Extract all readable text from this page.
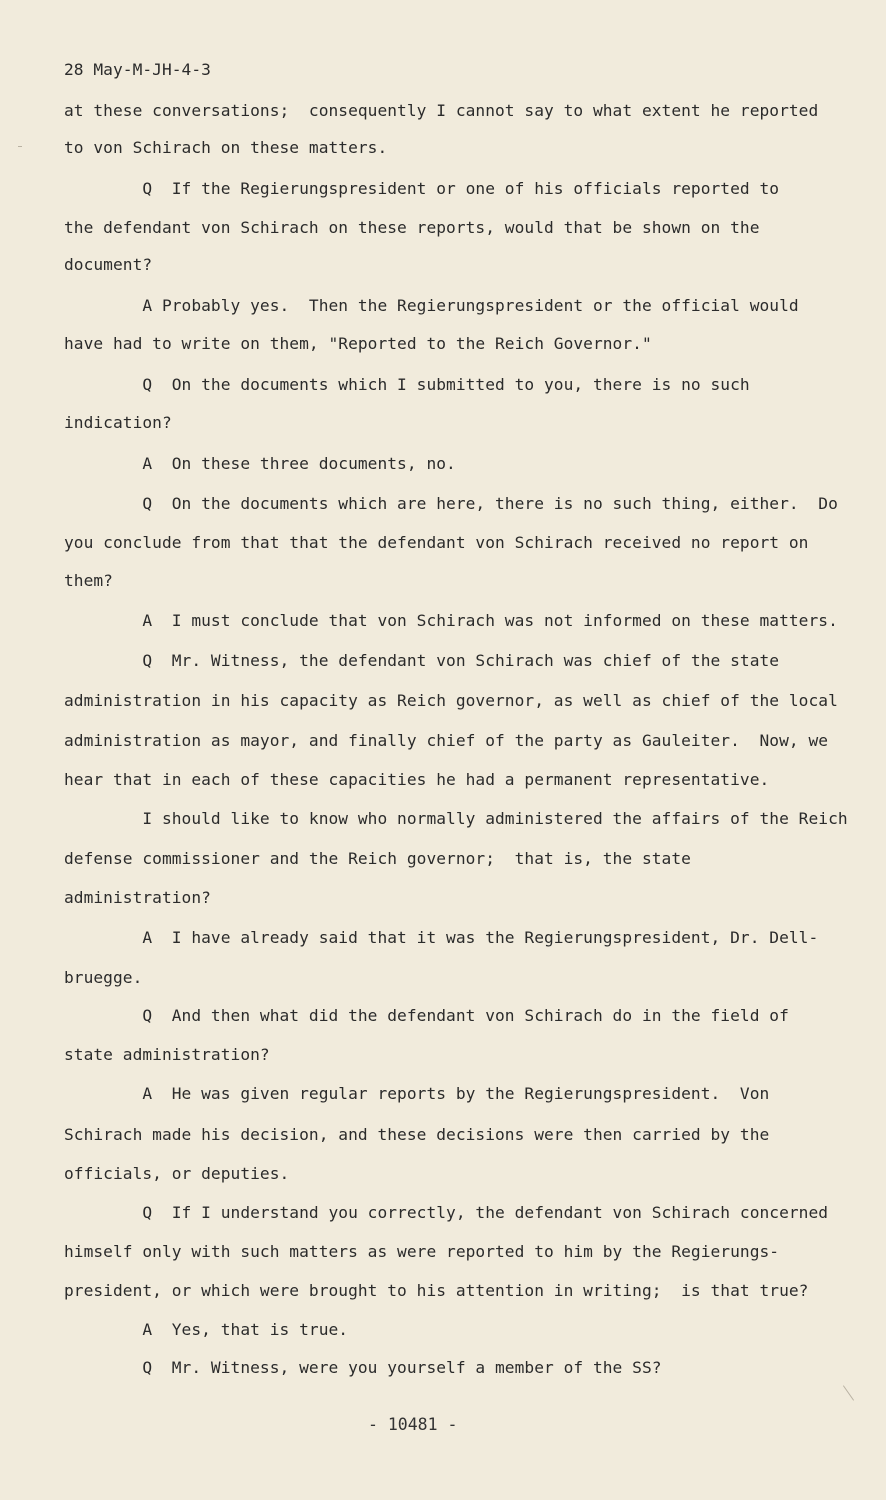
28 May-M-JH-4-3
at these conversations;  consequently I cannot say to what extent he reported
to von Schirach on these matters.
Q  If the Regierungspresident or one of his officials reported to
the defendant von Schirach on these reports, would that be shown on the
document?
A Probably yes.  Then the Regierungspresident or the official would
have had to write on them, "Reported to the Reich Governor."
Q  On the documents which I submitted to you, there is no such
indication?
A  On these three documents, no.
Q  On the documents which are here, there is no such thing, either.  Do
you conclude from that that the defendant von Schirach received no report on
them?
A  I must conclude that von Schirach was not informed on these matters.
Q  Mr. Witness, the defendant von Schirach was chief of the state
administration in his capacity as Reich governor, as well as chief of the local
administration as mayor, and finally chief of the party as Gauleiter.  Now, we
hear that in each of these capacities he had a permanent representative.
I should like to know who normally administered the affairs of the Reich
defense commissioner and the Reich governor;  that is, the state
administration?
A  I have already said that it was the Regierungspresident, Dr. Dell-
bruegge.
Q  And then what did the defendant von Schirach do in the field of
state administration?
A  He was given regular reports by the Regierungspresident.  Von
Schirach made his decision, and these decisions were then carried by the
officials, or deputies.
Q  If I understand you correctly, the defendant von Schirach concerned
himself only with such matters as were reported to him by the Regierungs-
president, or which were brought to his attention in writing;  is that true?
A  Yes, that is true.
Q  Mr. Witness, were you yourself a member of the SS?
- 10481 -
